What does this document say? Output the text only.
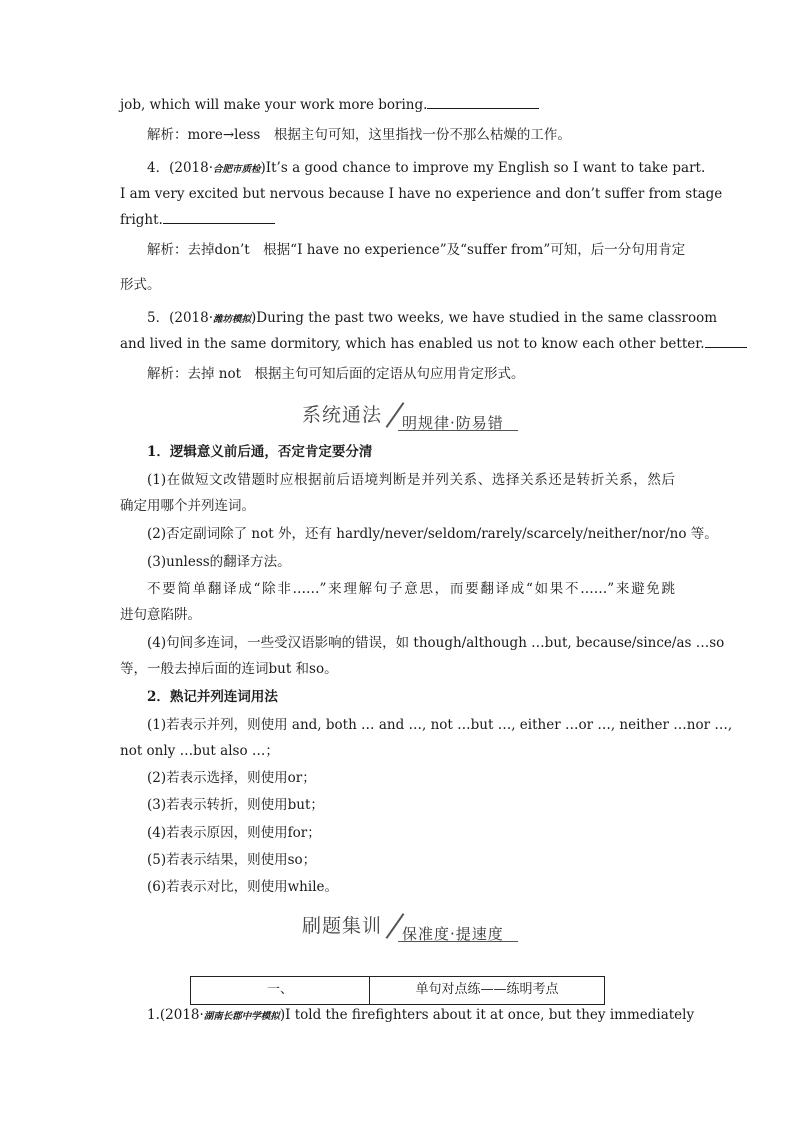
job, which will make your work more boring.
解析：more→less　根据主句可知，这里指找一份不那么枯燥的工作。
4．(2018·合肥市质检)It’s a good chance to improve my English so I want to take part.
I am very excited but nervous because I have no experience and don’t suffer from stage
fright.
解析：去掉don’t　根据“I have no experience”及“suffer from”可知，后一分句用肯定
形式。
5．(2018·潍坊模拟)During the past two weeks, we have studied in the same classroom
and lived in the same dormitory, which has enabled us not to know each other better.
解析：去掉 not　根据主句可知后面的定语从句应用肯定形式。
系统通法 明规律·防易错
1．逻辑意义前后通，否定肯定要分清
(1)在做短文改错题时应根据前后语境判断是并列关系、选择关系还是转折关系，然后
确定用哪个并列连词。
(2)否定副词除了 not 外，还有 hardly/never/seldom/rarely/scarcely/neither/nor/no 等。
(3)unless的翻译方法。
不要简单翻译成“除非……”来理解句子意思，而要翻译成“如果不……”来避免跳
进句意陷阱。
(4)句间多连词，一些受汉语影响的错误，如 though/although …but, because/since/as …so
等，一般去掉后面的连词but 和so。
2．熟记并列连词用法
(1)若表示并列，则使用 and, both … and …, not …but …, either …or …, neither …nor …,
not only …but also …；
(2)若表示选择，则使用or；
(3)若表示转折，则使用but；
(4)若表示原因，则使用for；
(5)若表示结果，则使用so；
(6)若表示对比，则使用while。
刷题集训 保准度·提速度
一、	单句对点练——练明考点
1.(2018·湖南长郡中学模拟)I told the firefighters about it at once, but they immediately
